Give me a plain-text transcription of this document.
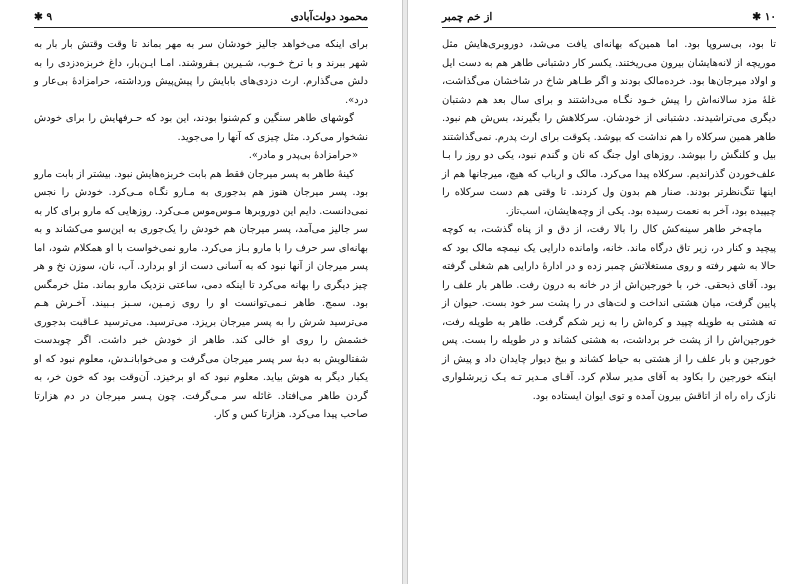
محمود دولت‌آبادی
۹ ✱

برای اینکه می‌خواهد جالیز خودشان سر به مهر بماند تا وقت وقتش بار بار به شهر ببرند و با ترخ خـوب، شـیرین بـفروشند. امـا ایـن‌بار، داغ خربزه‌دزدی را به دلش می‌گذارم. ارث دزدی‌های بابایش را پیش‌پیش ورداشته، حرامزادهٔ بی‌عار و درد».

گوشهای طاهر سنگین و کم‌شنوا بودند، این بود که حـرفهایش را برای خودش نشخوار می‌کرد. مثل چیزی که آنها را می‌جوید.

«حرامزادهٔ بی‌پدر و مادر».

کینهٔ طاهر به پسر میرجان فقط هم بابت خربزه‌هایش نبود. بیشتر از بابت مارو بود. پسر میرجان هنوز هم بدجوری به مـارو نگـاه مـی‌کرد. خودش را نجس نمی‌دانست. دایم این دوروبرها مـوس‌موس مـی‌کرد. روزهایی که مارو برای کار به سر جالیز می‌آمد، پسر میرجان هم خودش را یک‌جوری به این‌سو می‌کشاند و به بهانه‌ای سر حرف را با مارو بـاز می‌کرد. مارو نمی‌خواست با او همکلام شود، اما پسر میرجان از آنها نبود که به آسانی دست از او بردارد. آب، نان، سوزن نخ و هر چیز دیگری را بهانه می‌کرد تا اینکه دمی، ساعتی نزدیک مارو بماند. مثل خرمگس بود. سمج. طاهر نـمی‌توانست او را روی زمـین، سـبز بـبیند. آخـرش هـم می‌ترسید شرش را به پسر میرجان بریزد. می‌ترسید. می‌ترسید عـاقبت بدجوری خشمش را روی او خالی کند. طاهر از خودش خبر داشت. اگر چوبدست شفتالویش به دبهٔ سر پسر میرجان می‌گرفت و می‌خوابانـدش، معلوم نبود که او یکبار دیگر به هوش بیاید. معلوم نبود که او برخیزد. آن‌وقت بود که خون خر، به گردن طاهر می‌افتاد. غائله سر مـی‌گرفت. چون پـسر میرجان در دم هزارتا صاحب پیدا می‌کرد. هزارتا کس و کار.

۱۰ ✱
از خم چمبر

تا بود، بی‌سروپا بود. اما همین‌که بهانه‌ای یافت می‌شد، دوروبری‌هایش مثل موریچه از لانه‌هایشان بیرون می‌ریختند. یکسر کار دشتبانی طاهر هم به دست ایل و اولاد میرجان‌ها بود. خرده‌مالک بودند و اگر طـاهر شاخ در شاخشان می‌گذاشت، غلهٔ مزد سالانه‌اش را پیش خـود نگـاه می‌داشتند و برای سال بعد هم دشتبان دیگری می‌تراشیدند. دشتبانی از خودشان. سرکلاهش را بگیرند، بس‌ش هم نبود. طاهر همین سرکلاه را هم نداشت که بپوشد. یکوقت برای ارث پدرم. نمی‌گذاشتند بیل و کلنگش را بپوشد. روزهای اول جنگ که نان و گندم نبود، یکی دو روز را بـا علف‌خوردن گذراندیم. سرکلاه پیدا می‌کرد. مالک و ارباب که هیچ، میرجانها هم از اینها تنگ‌نظرتر بودند. صنار هم بدون ول کردند. تا وقتی هم دست سرکلاه را چیپیده بود، آخر به نعمت رسیده بود. یکی از وچه‌هایشان، اسب‌تاز.

ماچه‌خر طاهر سینه‌کش کال را بالا رفت، از دق و از پناه گذشت، به کوچه پیچید و کنار در، زیر تاق درگاه ماند. خانه، وامانده دارایی یک نیمچه مالک بود که حالا به شهر رفته و روی مستغلاتش چمبر زده و در ادارهٔ دارایی هم شغلی گرفته بود. آقای ذبحقی. خر، با خورجین‌اش از در خانه به درون رفت. طاهر بار علف را پایین گرفت، میان هشتی انداخت و لت‌های در را پشت سر خود بست. حیوان از ته هشتی به طویله چپید و کره‌اش را به زیر شکم گرفت. طاهر به طویله رفت، خورجین‌اش را از پشت خر برداشت، به هشتی کشاند و در طویله را بست. پس خورجین و بار علف را از هشتی به حیاط کشاند و بیخ دیوار چایدان داد و پیش از اینکه خورجین را بکاود به آقای مدیر سلام کرد. آقـای مـدیر تـه یـک زیرشلواری نازک راه راه از اتاقش بیرون آمده و توی ایوان ایستاده بود.
